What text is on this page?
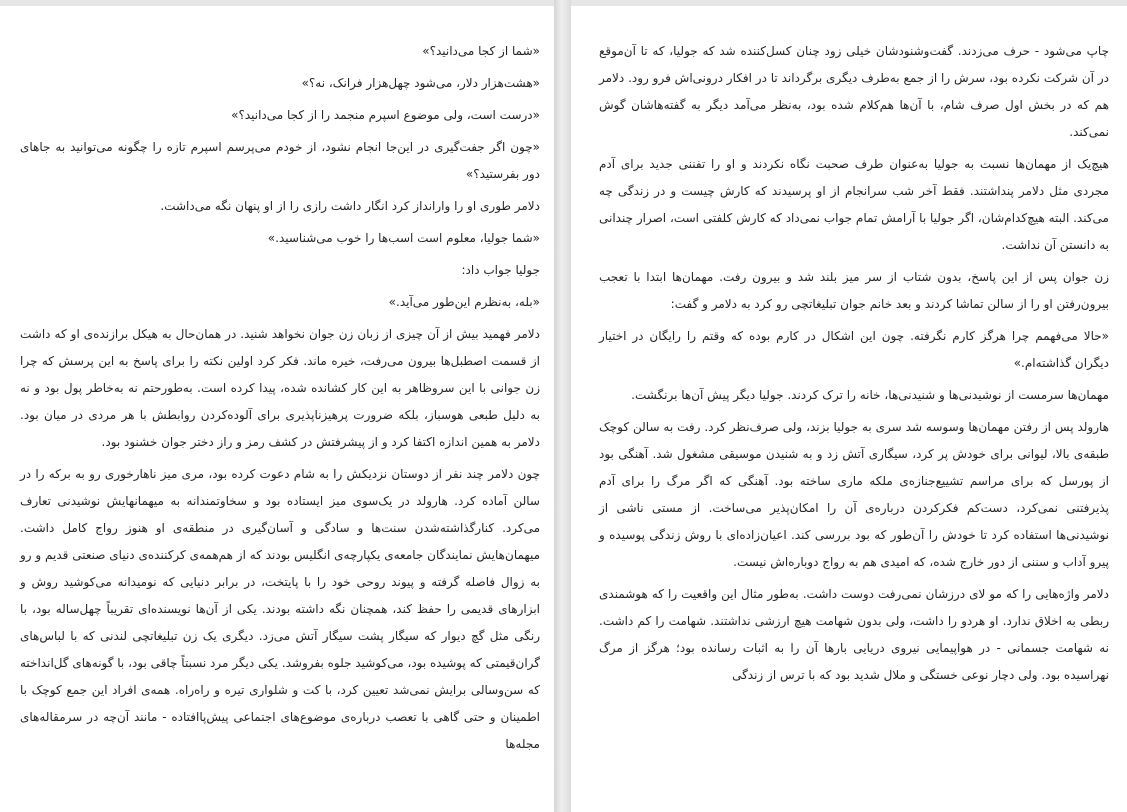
«شما از کجا می‌دانید؟»

«هشت‌هزار دلار، می‌شود چهل‌هزار فرانک، نه؟»

«درست است، ولی موضوع اسپرم منجمد را از کجا می‌دانید؟»

«چون اگر جفت‌گیری در این‌جا انجام نشود، از خودم می‌پرسم اسپرم تازه را چگونه می‌توانید به جاهای دور بفرستید؟»

دلامر طوری او را وارانداز کرد انگار داشت رازی را از او پنهان نگه می‌داشت.

«شما جولیا، معلوم است اسب‌ها را خوب می‌شناسید.»

جولیا جواب داد:

«بله، به‌نظرم این‌طور می‌آید.»

دلامر فهمید بیش از آن چیزی از زبان زن جوان نخواهد شنید. در همان‌حال به هیکل برازنده‌ی او که داشت از قسمت اصطبل‌ها بیرون می‌رفت، خیره ماند. فکر کرد اولین نکته را برای پاسخ به این پرسش که چرا زن جوانی با این سروظاهر به این کار کشانده شده، پیدا کرده است. به‌طورحتم نه به‌خاطر پول بود و نه به دلیل طبعی هوسباز، بلکه ضرورت پرهیزناپذیری برای آلوده‌کردن روابطش با هر مردی در میان بود. دلامر به همین اندازه اکتفا کرد و از پیشرفتش در کشف رمز و راز دختر جوان خشنود بود.

چون دلامر چند نفر از دوستان نزدیکش را به شام دعوت کرده بود، مری میز ناهارخوری رو به برکه را در سالن آماده کرد. هارولد در یک‌سوی میز ایستاده بود و سخاوتمندانه به میهمانهایش نوشیدنی تعارف می‌کرد. کنارگذاشته‌شدن سنت‌ها و سادگی و آسان‌گیری در منطقه‌ی او هنوز رواج کامل داشت. میهمان‌هایش نمایندگان جامعه‌ی یکپارچه‌ی انگلیس بودند که از هم‌همه‌ی کرکننده‌ی دنیای صنعتی قدیم و رو به زوال فاصله گرفته و پیوند روحی خود را با پایتخت، در برابر دنیایی که نومیدانه می‌کوشید روش و ابزارهای قدیمی را حفظ کند، همچنان نگه داشته بودند. یکی از آن‌ها نویسنده‌ای تقریباً چهل‌ساله بود، با رنگی مثل گچ دیوار که سیگار پشت سیگار آتش می‌زد. دیگری یک زن تبلیغاتچی لندنی که با لباس‌های گران‌قیمتی که پوشیده بود، می‌کوشید جلوه بفروشد. یکی دیگر مرد نسبتاً چاقی بود، با گونه‌های گل‌انداخته که سن‌وسالی برایش نمی‌شد تعیین کرد، با کت و شلواری تیره و راه‌راه. همه‌ی افراد این جمع کوچک با اطمینان و حتی گاهی با تعصب درباره‌ی موضوع‌های اجتماعی پیش‌پاافتاده - مانند آن‌چه در سرمقاله‌های مجله‌ها

چاپ می‌شود - حرف می‌زدند. گفت‌وشنودشان خیلی زود چنان کسل‌کننده شد که جولیا، که تا آن‌موقع در آن شرکت نکرده بود، سرش را از جمع به‌طرف دیگری برگرداند تا در افکار درونی‌اش فرو رود. دلامر هم که در بخش اول صرف شام، با آن‌ها هم‌کلام شده بود، به‌نظر می‌آمد دیگر به گفته‌هاشان گوش نمی‌کند.

هیچ‌یک از مهمان‌ها نسبت به جولیا به‌عنوان طرف صحبت نگاه نکردند و او را تفننی جدید برای آدم مجردی مثل دلامر پنداشتند. فقط آخر شب سرانجام از او پرسیدند که کارش چیست و در زندگی چه می‌کند. البته هیچ‌کدام‌شان، اگر جولیا با آرامش تمام جواب نمی‌داد که کارش کلفتی است، اصرار چندانی به دانستن آن نداشت.

زن جوان پس از این پاسخ، بدون شتاب از سر میز بلند شد و بیرون رفت. مهمان‌ها ابتدا با تعجب بیرون‌رفتن او را از سالن تماشا کردند و بعد خانم جوان تبلیغاتچی رو کرد به دلامر و گفت:

«حالا می‌فهمم چرا هرگز کارم نگرفته. چون این اشکال در کارم بوده که وقتم را رایگان در اختیار دیگران گذاشته‌ام.»

مهمان‌ها سرمست از نوشیدنی‌ها و شنیدنی‌ها، خانه را ترک کردند. جولیا دیگر پیش آن‌ها برنگشت.

هارولد پس از رفتن مهمان‌ها وسوسه شد سری به جولیا بزند، ولی صرف‌نظر کرد. رفت به سالن کوچک طبقه‌ی بالا، لیوانی برای خودش پر کرد، سیگاری آتش زد و به شنیدن موسیقی مشغول شد. آهنگی بود از پورسل که برای مراسم تشییع‌جنازه‌ی ملکه ماری ساخته بود. آهنگی که اگر مرگ را برای آدم پذیرفتنی نمی‌کرد، دست‌کم فکرکردن درباره‌ی آن را امکان‌پذیر می‌ساخت. از مستی ناشی از نوشیدنی‌ها استفاده کرد تا خودش را آن‌طور که بود بررسی کند. اعیان‌زاده‌ای با روش زندگی پوسیده و پیرو آداب و سننی از دور خارج شده، که امیدی هم به رواج دوباره‌اش نیست.

دلامر واژه‌هایی را که مو لای درزشان نمی‌رفت دوست داشت. به‌طور مثال این واقعیت را که هوشمندی ربطی به اخلاق ندارد. او هردو را داشت، ولی بدون شهامت هیچ ارزشی نداشتند. شهامت را کم داشت. نه شهامت جسمانی - در هواپیمایی نیروی دریایی بارها آن را به اثبات رسانده بود؛ هرگز از مرگ نهراسیده بود. ولی دچار نوعی خستگی و ملال شدید بود که با ترس از زندگی
